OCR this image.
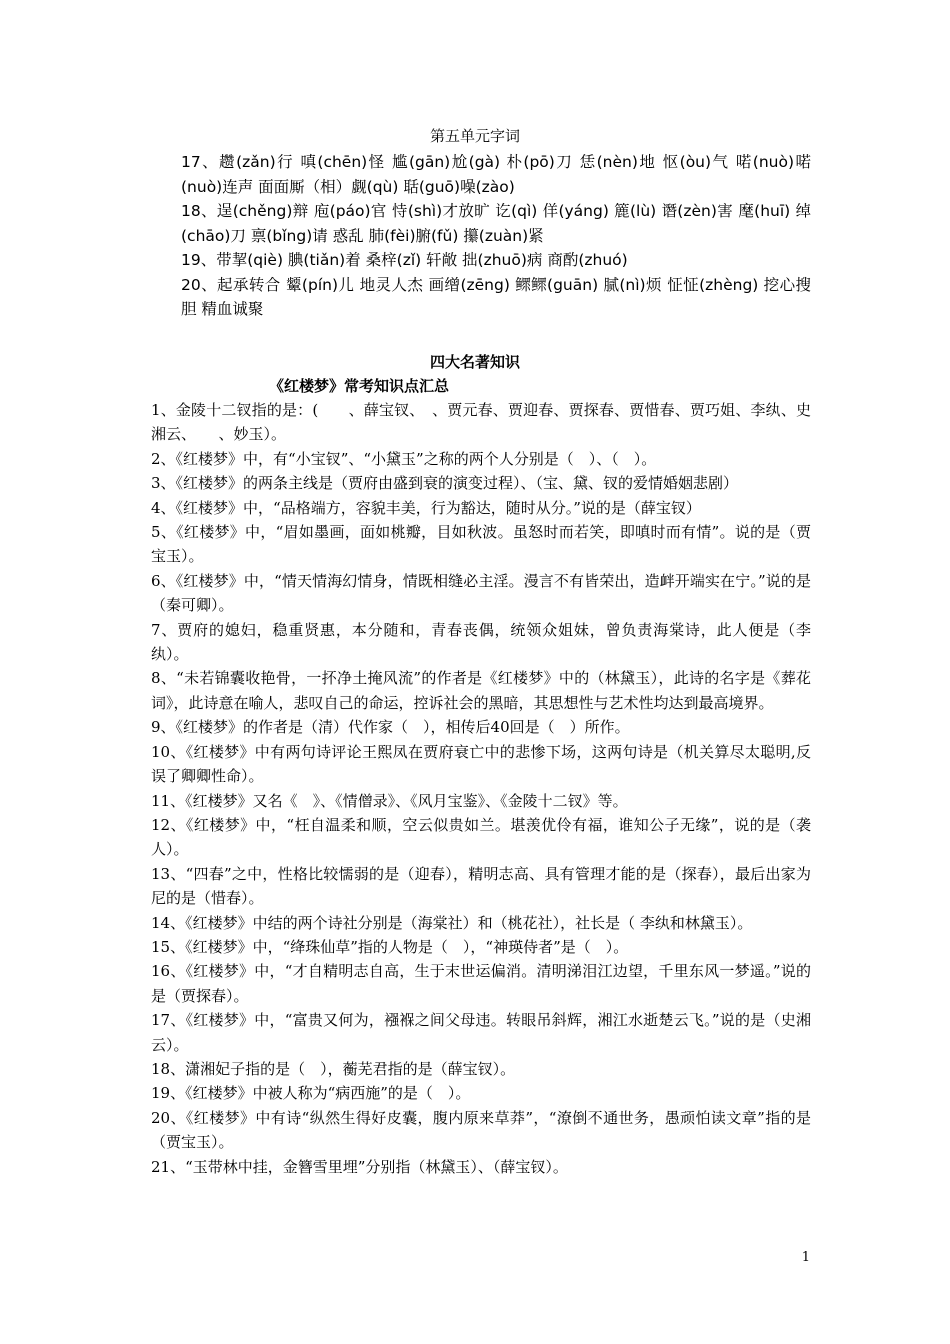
第五单元字词

17、趱(zǎn)行 嗔(chēn)怪 尴(gān)尬(gà) 朴(pō)刀 恁(nèn)地 怄(òu)气 喏(nuò)喏(nuò)连声 面面厮（相）觑(qù) 聒(guō)噪(zào)

18、逞(chěng)辩 庖(páo)官 恃(shì)才放旷 讫(qì) 佯(yáng) 簏(lù) 谮(zèn)害 麾(huī) 绰(chāo)刀 禀(bǐng)请 惑乱 肺(fèi)腑(fǔ) 攥(zuàn)紧

19、带挈(qiè) 腆(tiǎn)着 桑梓(zǐ) 轩敞 拙(zhuō)病 商酌(zhuó)

20、起承转合 颦(pín)儿 地灵人杰 画缯(zēng) 鳏鳏(guān) 腻(nì)烦 怔怔(zhèng) 挖心搜胆 精血诚聚

四大名著知识
《红楼梦》常考知识点汇总

1、金陵十二钗指的是：(　　、薛宝钗、　、贾元春、贾迎春、贾探春、贾惜春、贾巧姐、李纨、史湘云、　　、妙玉）。

2、《红楼梦》中，有“小宝钗”、“小黛玉”之称的两个人分别是（　）、（　）。

3、《红楼梦》的两条主线是（贾府由盛到衰的演变过程）、（宝、黛、钗的爱情婚姻悲剧）

4、《红楼梦》中，“品格端方，容貌丰美，行为豁达，随时从分。”说的是（薛宝钗）

5、《红楼梦》中，“眉如墨画，面如桃瓣，目如秋波。虽怒时而若笑，即嗔时而有情”。说的是（贾宝玉）。

6、《红楼梦》中，“情天情海幻情身，情既相缝必主淫。漫言不有皆荣出，造衅开端实在宁。”说的是（秦可卿）。

7、贾府的媳妇，稳重贤惠，本分随和，青春丧偶，统领众姐妹，曾负责海棠诗，此人便是（李纨）。

8、“未若锦囊收艳骨，一抔净土掩风流”的作者是《红楼梦》中的（林黛玉），此诗的名字是《葬花词》，此诗意在喻人，悲叹自己的命运，控诉社会的黑暗，其思想性与艺术性均达到最高境界。

9、《红楼梦》的作者是（清）代作家（　），相传后40回是（　）所作。

10、《红楼梦》中有两句诗评论王熙凤在贾府衰亡中的悲惨下场，这两句诗是（机关算尽太聪明,反误了卿卿性命）。

11、《红楼梦》又名《　》、《情僧录》、《风月宝鉴》、《金陵十二钗》等。

12、《红楼梦》中，“枉自温柔和顺，空云似贵如兰。堪羡优伶有福，谁知公子无缘”，说的是（袭人）。

13、“四春”之中，性格比较懦弱的是（迎春），精明志高、具有管理才能的是（探春），最后出家为尼的是（惜春）。

14、《红楼梦》中结的两个诗社分别是（海棠社）和（桃花社），社长是（ 李纨和林黛玉）。

15、《红楼梦》中，“绛珠仙草”指的人物是（　），“神瑛侍者”是（　）。

16、《红楼梦》中，“才自精明志自高，生于末世运偏消。清明涕泪江边望，千里东风一梦遥。”说的是（贾探春）。

17、《红楼梦》中，“富贵又何为，襁褓之间父母违。转眼吊斜辉，湘江水逝楚云飞。”说的是（史湘云）。

18、潇湘妃子指的是（　），蘅芜君指的是（薛宝钗）。

19、《红楼梦》中被人称为“病西施”的是（　）。

20、《红楼梦》中有诗“纵然生得好皮囊，腹内原来草莽”，“潦倒不通世务，愚顽怕读文章”指的是（贾宝玉）。

21、“玉带林中挂，金簪雪里埋”分别指（林黛玉）、（薛宝钗）。

1
